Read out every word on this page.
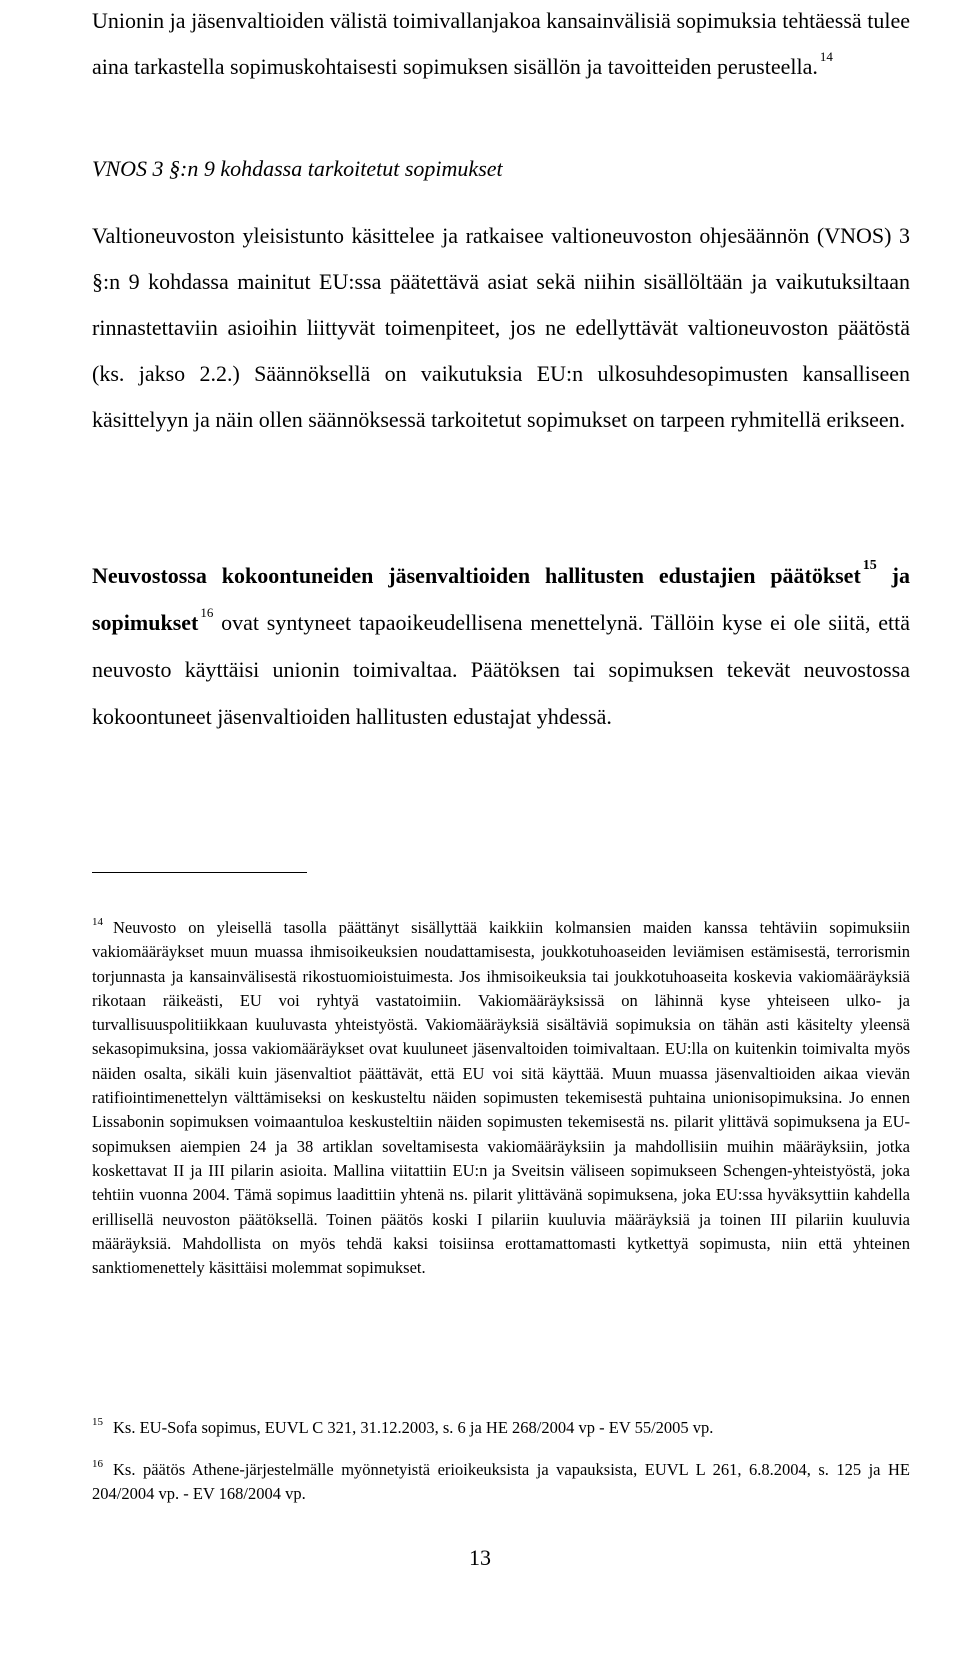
Unionin ja jäsenvaltioiden välistä toimivallanjakoa kansainvälisiä sopimuksia tehtäessä tulee aina tarkastella sopimuskohtaisesti sopimuksen sisällön ja tavoitteiden perusteella. $^{14}$
VNOS 3 §:n 9 kohdassa tarkoitetut sopimukset
Valtioneuvoston yleisistunto käsittelee ja ratkaisee valtioneuvoston ohjesäännön (VNOS) 3 §:n 9 kohdassa mainitut EU:ssa päätettävä asiat sekä niihin sisällöltään ja vaikutuksiltaan rinnastettaviin asioihin liittyvät toimenpiteet, jos ne edellyttävät valtioneuvoston päätöstä (ks. jakso 2.2.) Säännöksellä on vaikutuksia EU:n ulkosuhdesopimusten kansalliseen käsittelyyn ja näin ollen säännöksessä tarkoitetut sopimukset on tarpeen ryhmitellä erikseen.
Neuvostossa kokoontuneiden jäsenvaltioiden hallitusten edustajien päätökset $^{15}$ ja sopimukset $^{16}$ ovat syntyneet tapaoikeudellisena menettelynä. Tällöin kyse ei ole siitä, että neuvosto käyttäisi unionin toimivaltaa. Päätöksen tai sopimuksen tekevät neuvostossa kokoontuneet jäsenvaltioiden hallitusten edustajat yhdessä.
$^{14}$ Neuvosto on yleisellä tasolla päättänyt sisällyttää kaikkiin kolmansien maiden kanssa tehtäviin sopimuksiin vakiomääräykset muun muassa ihmisoikeuksien noudattamisesta, joukkotuhoaseiden leviämisen estämisestä, terrorismin torjunnasta ja kansainvälisestä rikostuomioistuimesta. Jos ihmisoikeuksia tai joukkotuhoaseita koskevia vakiomääräyksiä rikotaan räikeästi, EU voi ryhtyä vastatoimiin. Vakiomääräyksissä on lähinnä kyse yhteiseen ulko- ja turvallisuuspolitiikkaan kuuluvasta yhteistyöstä. Vakiomääräyksiä sisältäviä sopimuksia on tähän asti käsitelty yleensä sekasopimuksina, jossa vakiomääräykset ovat kuuluneet jäsenvaltoiden toimivaltaan. EU:lla on kuitenkin toimivalta myös näiden osalta, sikäli kuin jäsenvaltiot päättävät, että EU voi sitä käyttää. Muun muassa jäsenvaltioiden aikaa vievän ratifiointimenettelyn välttämiseksi on keskusteltu näiden sopimusten tekemisestä puhtaina unionisopimuksina. Jo ennen Lissabonin sopimuksen voimaantuloa keskusteltiin näiden sopimusten tekemisestä ns. pilarit ylittävä sopimuksena ja EU-sopimuksen aiempien 24 ja 38 artiklan soveltamisesta vakiomääräyksiin ja mahdollisiin muihin määräyksiin, jotka koskettavat II ja III pilarin asioita. Mallina viitattiin EU:n ja Sveitsin väliseen sopimukseen Schengen-yhteistyöstä, joka tehtiin vuonna 2004. Tämä sopimus laadittiin yhtenä ns. pilarit ylittävänä sopimuksena, joka EU:ssa hyväksyttiin kahdella erillisellä neuvoston päätöksellä. Toinen päätös koski I pilariin kuuluvia määräyksiä ja toinen III pilariin kuuluvia määräyksiä. Mahdollista on myös tehdä kaksi toisiinsa erottamattomasti kytkettyä sopimusta, niin että yhteinen sanktiomenettely käsittäisi molemmat sopimukset.
$^{15}$ Ks. EU-Sofa sopimus, EUVL C 321, 31.12.2003, s. 6 ja HE 268/2004 vp - EV 55/2005 vp.
$^{16}$ Ks. päätös Athene-järjestelmälle myönnetyistä erioikeuksista ja vapauksista, EUVL L 261, 6.8.2004, s. 125 ja HE 204/2004 vp. - EV 168/2004 vp.
13
